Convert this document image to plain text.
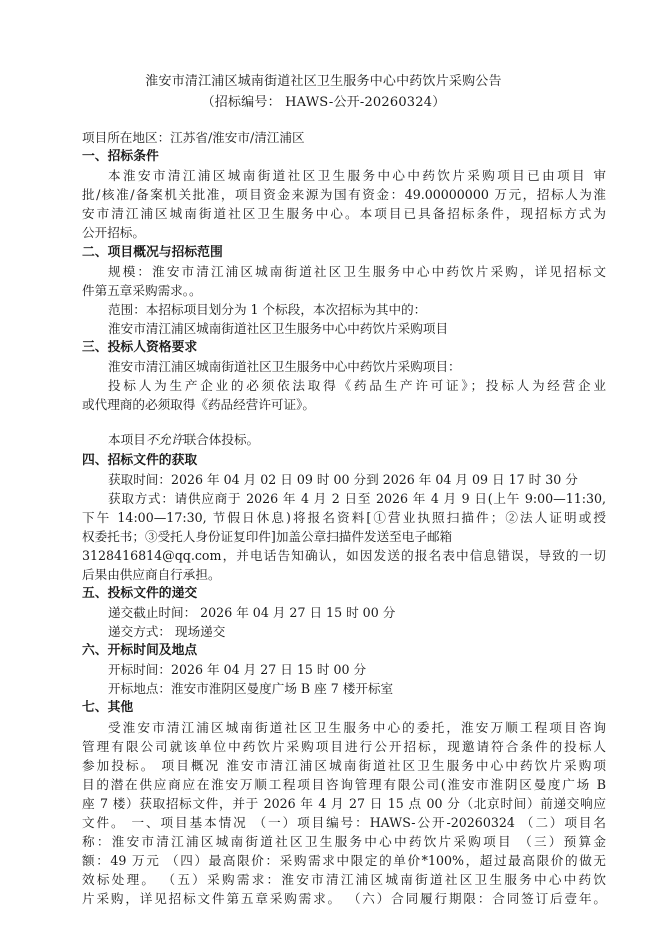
淮安市清江浦区城南街道社区卫生服务中心中药饮片采购公告
（招标编号： HAWS-公开-20260324）
项目所在地区：江苏省/淮安市/清江浦区
一、招标条件
本淮安市清江浦区城南街道社区卫生服务中心中药饮片采购项目已由项目 审
批/核准/备案机关批准，项目资金来源为国有资金：49.00000000 万元，招标人为淮
安市清江浦区城南街道社区卫生服务中心。本项目已具备招标条件，现招标方式为
公开招标。
二、项目概况与招标范围
规模：淮安市清江浦区城南街道社区卫生服务中心中药饮片采购，详见招标文
件第五章采购需求。。
范围：本招标项目划分为 1 个标段，本次招标为其中的：
淮安市清江浦区城南街道社区卫生服务中心中药饮片采购项目
三、投标人资格要求
淮安市清江浦区城南街道社区卫生服务中心中药饮片采购项目：
投标人为生产企业的必须依法取得《药品生产许可证》；投标人为经营企业
或代理商的必须取得《药品经营许可证》。
本项目不允许联合体投标。
四、招标文件的获取
获取时间：2026 年 04 月 02 日 09 时 00 分到 2026 年 04 月 09 日 17 时 30 分
获取方式：请供应商于 2026 年 4 月 2 日至 2026 年 4 月 9 日(上午 9:00—11:30,
下午 14:00—17:30, 节假日休息)将报名资料[①营业执照扫描件；②法人证明或授
权委托书；③受托人身份证复印件]加盖公章扫描件发送至电子邮箱
3128416814@qq.com，并电话告知确认，如因发送的报名表中信息错误，导致的一切
后果由供应商自行承担。
五、投标文件的递交
递交截止时间： 2026 年 04 月 27 日 15 时 00 分
递交方式： 现场递交
六、开标时间及地点
开标时间：2026 年 04 月 27 日 15 时 00 分
开标地点：淮安市淮阴区曼度广场 B 座 7 楼开标室
七、其他
受淮安市清江浦区城南街道社区卫生服务中心的委托，淮安万顺工程项目咨询
管理有限公司就该单位中药饮片采购项目进行公开招标，现邀请符合条件的投标人
参加投标。 项目概况 淮安市清江浦区城南街道社区卫生服务中心中药饮片采购项
目的潜在供应商应在淮安万顺工程项目咨询管理有限公司(淮安市淮阴区曼度广场 B
座 7 楼）获取招标文件，并于 2026 年 4 月 27 日 15 点 00 分（北京时间）前递交响应
文件。 一、项目基本情况 （一）项目编号：HAWS-公开-20260324 （二）项目名
称：淮安市清江浦区城南街道社区卫生服务中心中药饮片采购项目 （三）预算金
额：49 万元 （四）最高限价：采购需求中限定的单价*100%，超过最高限价的做无
效标处理。 （五）采购需求：淮安市清江浦区城南街道社区卫生服务中心中药饮
片采购，详见招标文件第五章采购需求。 （六）合同履行期限：合同签订后壹年。
